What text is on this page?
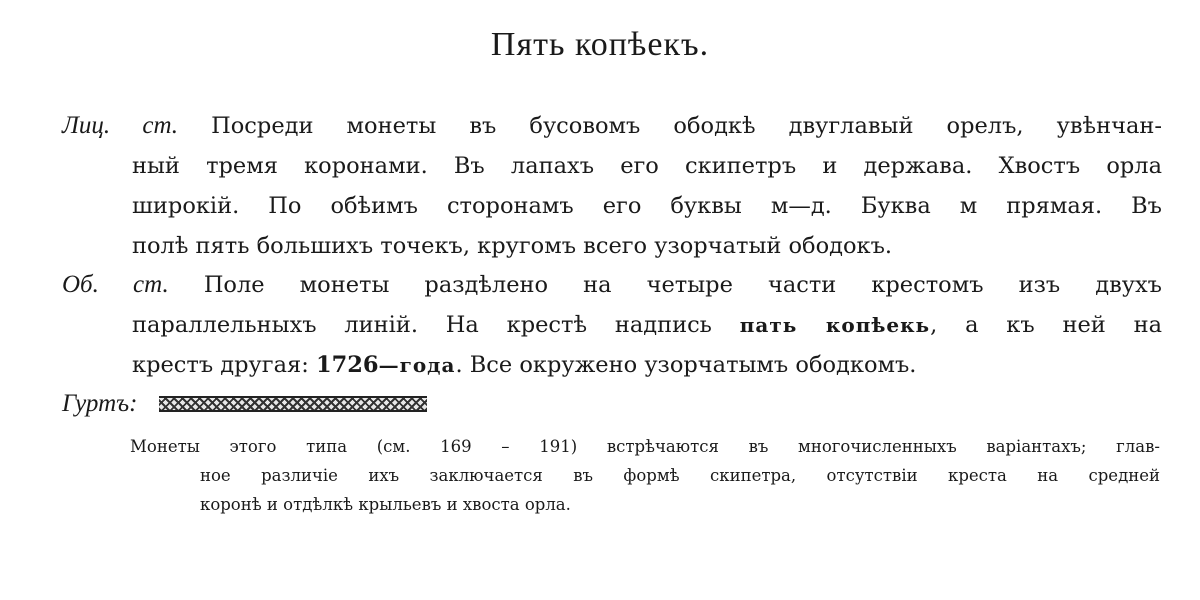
Пять копѣекъ.
Лиц. ст. Посреди монеты въ бусовомъ ободкѣ двуглавый орелъ, увѣнчан-
ный тремя коронами. Въ лапахъ его скипетръ и держава. Хвостъ орла
широкій. По обѣимъ сторонамъ его буквы м—д. Буква м прямая. Въ
полѣ пять большихъ точекъ, кругомъ всего узорчатый ободокъ.
Об. ст. Поле монеты раздѣлено на четыре части крестомъ изъ двухъ
параллельныхъ линій. На крестѣ надпись пать копѣекь, а къ ней на
крестъ другая: 1726—года. Все окружено узорчатымъ ободкомъ.
Гуртъ:
Монеты этого типа (см. 169 – 191) встрѣчаются въ многочисленныхъ варіантахъ; глав-
ное различіе ихъ заключается въ формѣ скипетра, отсутствіи креста на средней
коронѣ и отдѣлкѣ крыльевъ и хвоста орла.
